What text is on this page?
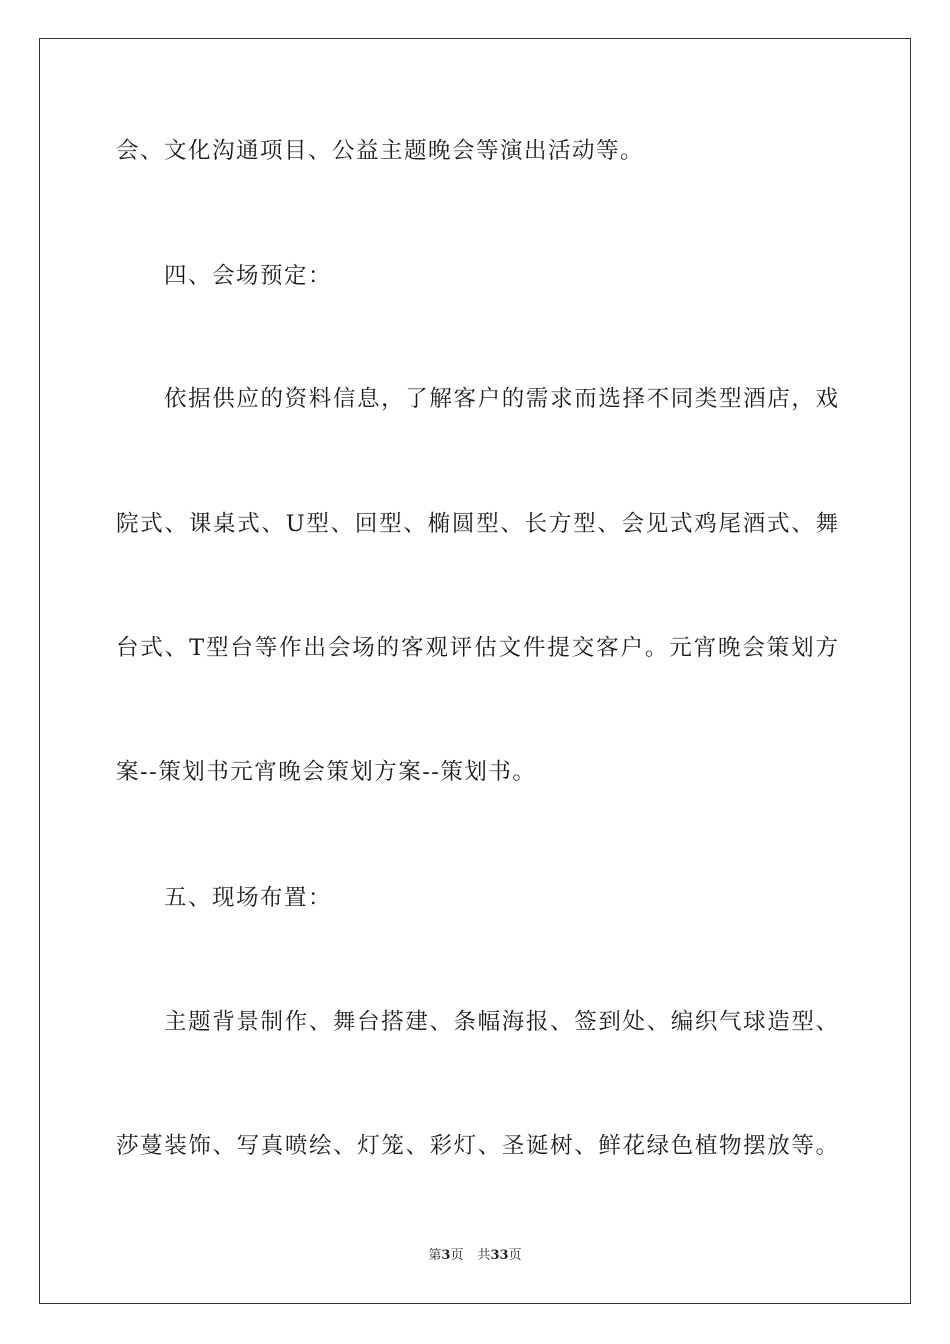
会、文化沟通项目、公益主题晚会等演出活动等。
四、会场预定：
依据供应的资料信息，了解客户的需求而选择不同类型酒店，戏
院式、课桌式、U型、回型、椭圆型、长方型、会见式鸡尾酒式、舞
台式、T型台等作出会场的客观评估文件提交客户。元宵晚会策划方
案--策划书元宵晚会策划方案--策划书。
五、现场布置：
主题背景制作、舞台搭建、条幅海报、签到处、编织气球造型、
莎蔓装饰、写真喷绘、灯笼、彩灯、圣诞树、鲜花绿色植物摆放等。
第3页 共33页
